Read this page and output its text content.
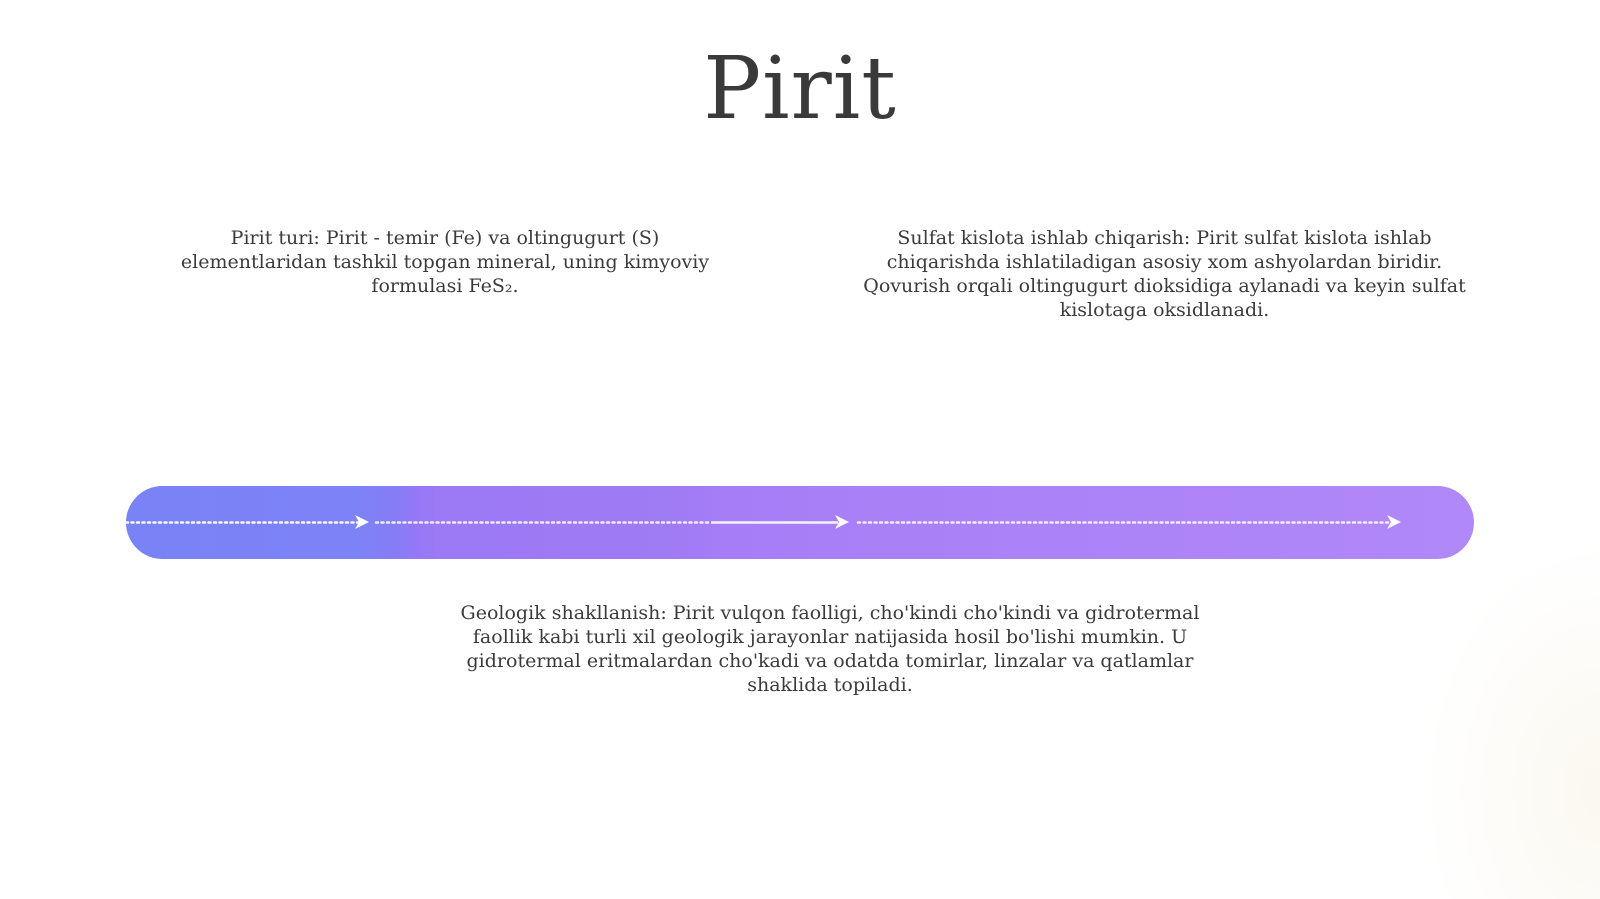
Pirit

Pirit turi: Pirit - temir (Fe) va oltingugurt (S) elementlaridan tashkil topgan mineral, uning kimyoviy formulasi FeS₂.

Sulfat kislota ishlab chiqarish: Pirit sulfat kislota ishlab chiqarishda ishlatiladigan asosiy xom ashyolardan biridir. Qovurish orqali oltingugurt dioksidiga aylanadi va keyin sulfat kislotaga oksidlanadi.

Geologik shakllanish: Pirit vulqon faolligi, cho'kindi cho'kindi va gidrotermal faollik kabi turli xil geologik jarayonlar natijasida hosil bo'lishi mumkin. U gidrotermal eritmalardan cho'kadi va odatda tomirlar, linzalar va qatlamlar shaklida topiladi.
